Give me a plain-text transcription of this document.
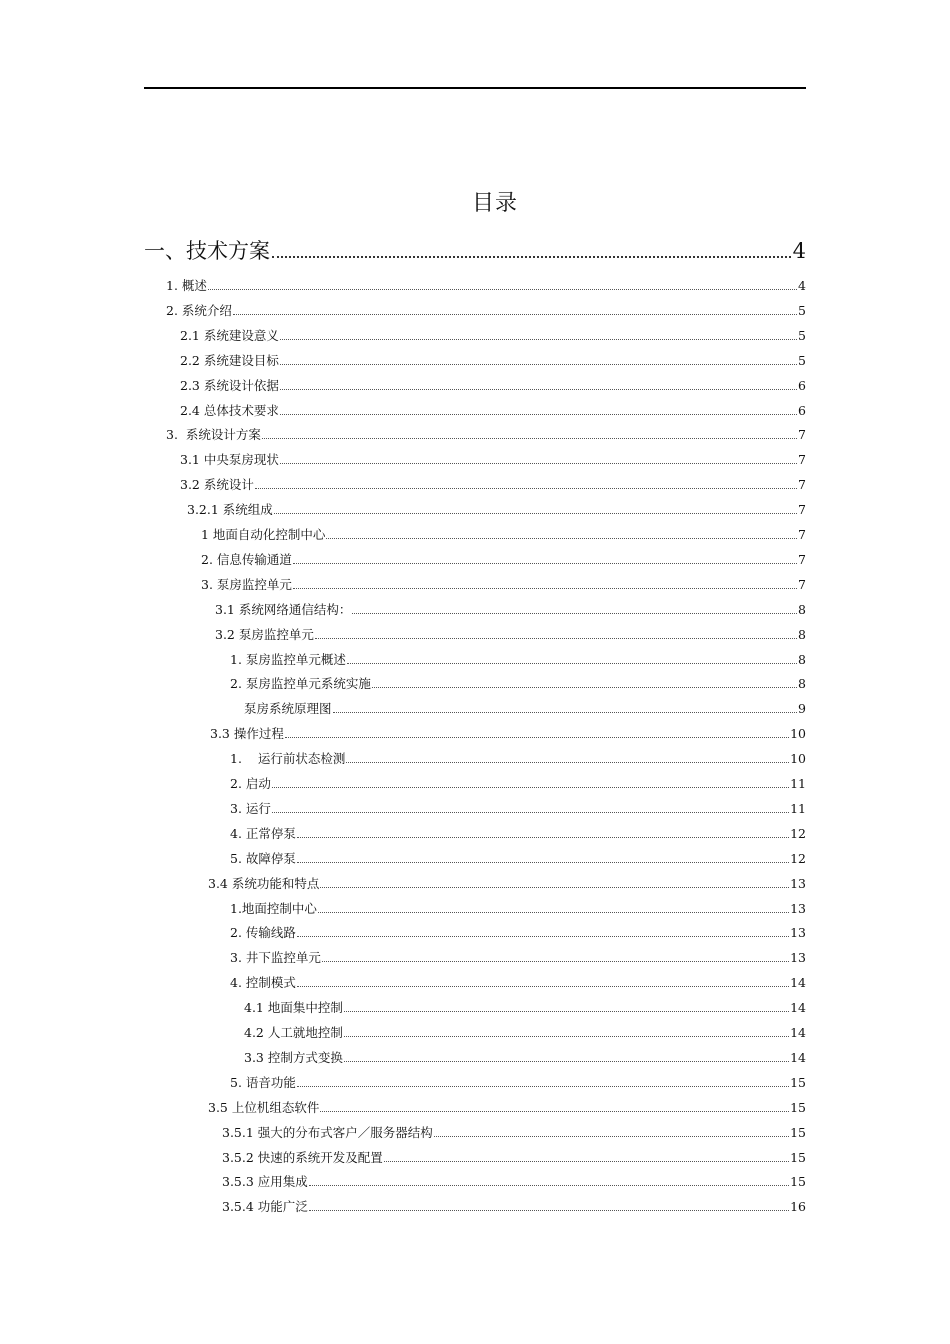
目录
一、技术方案	4
1. 概述	4
2. 系统介绍	5
2.1 系统建设意义	5
2.2 系统建设目标	5
2.3 系统设计依据	6
2.4 总体技术要求	6
3.  系统设计方案	7
3.1 中央泵房现状	7
3.2 系统设计	7
3.2.1 系统组成	7
1 地面自动化控制中心	7
2. 信息传输通道	7
3. 泵房监控单元	7
3.1 系统网络通信结构：	8
3.2 泵房监控单元	8
1. 泵房监控单元概述	8
2. 泵房监控单元系统实施	8
泵房系统原理图	9
3.3 操作过程	10
1.    运行前状态检测	10
2. 启动	11
3. 运行	11
4. 正常停泵	12
5. 故障停泵	12
3.4 系统功能和特点	13
1.地面控制中心	13
2. 传输线路	13
3. 井下监控单元	13
4. 控制模式	14
4.1 地面集中控制	14
4.2 人工就地控制	14
3.3 控制方式变换	14
5. 语音功能	15
3.5 上位机组态软件	15
3.5.1 强大的分布式客户／服务器结构	15
3.5.2 快速的系统开发及配置	15
3.5.3 应用集成	15
3.5.4 功能广泛	16
